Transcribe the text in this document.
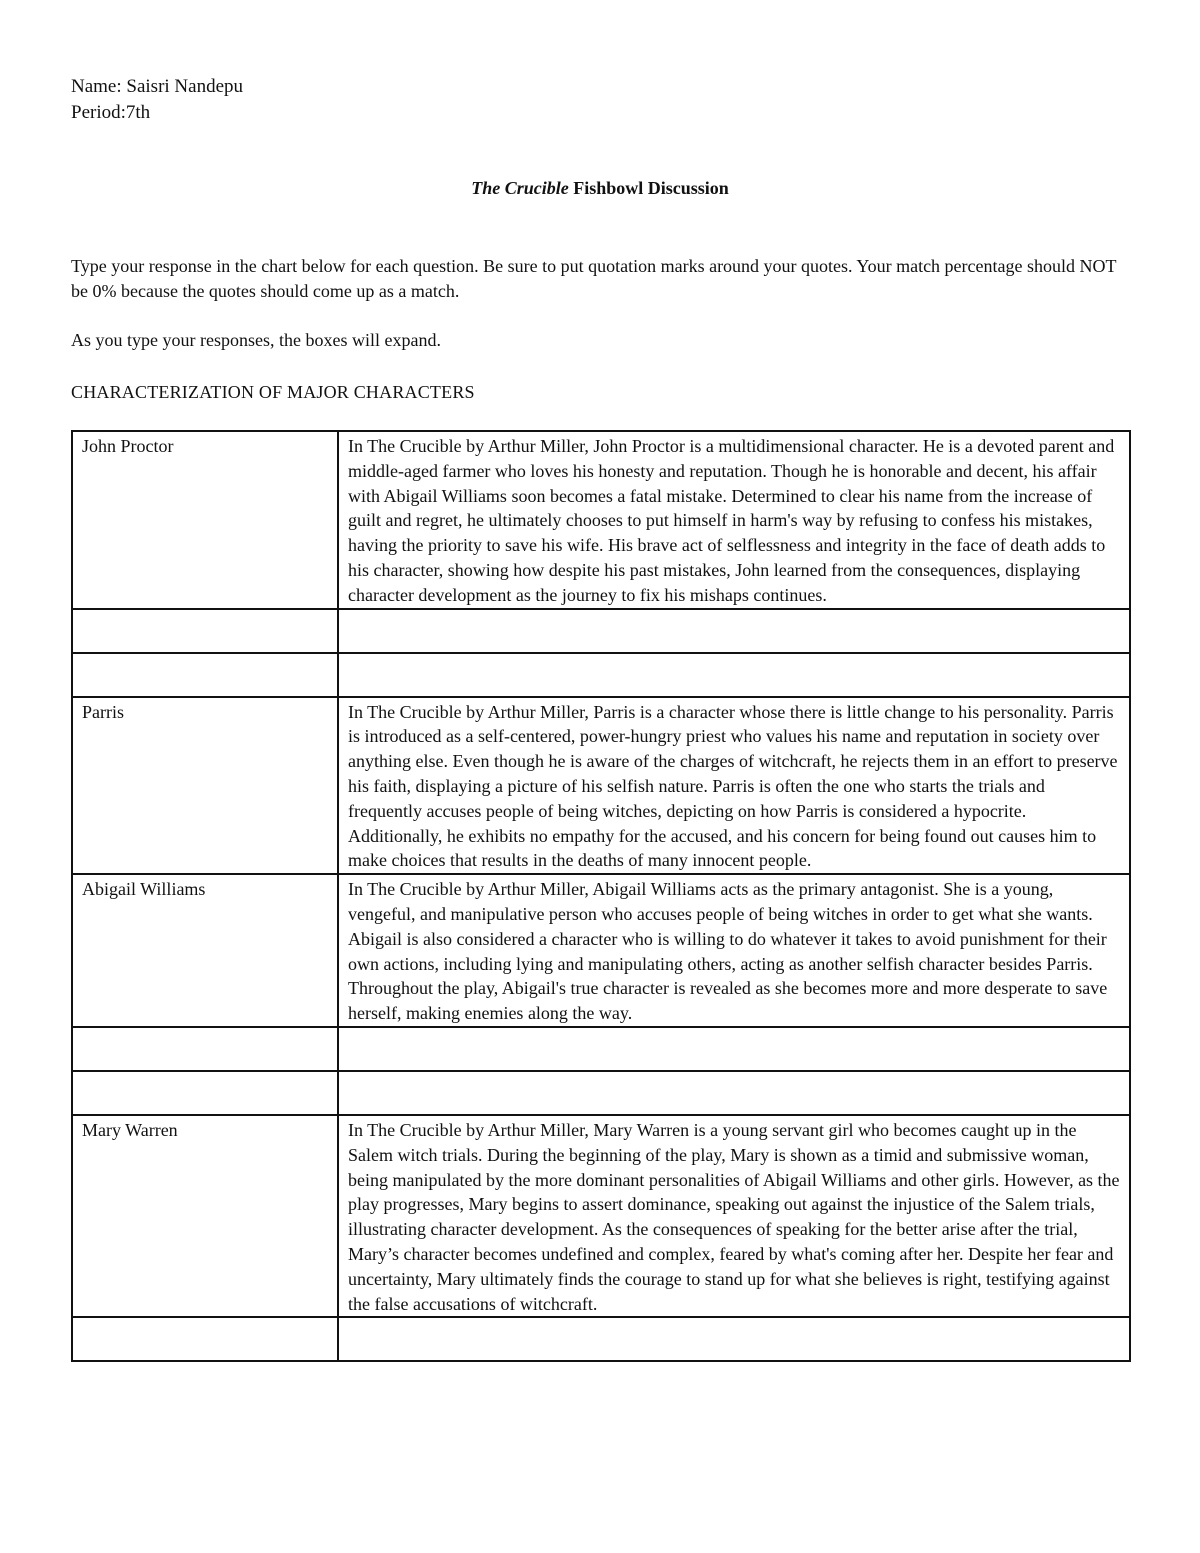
Name: Saisri Nandepu
Period:7th
The Crucible Fishbowl Discussion
Type your response in the chart below for each question. Be sure to put quotation marks around your quotes. Your match percentage should NOT be 0% because the quotes should come up as a match.
As you type your responses, the boxes will expand.
CHARACTERIZATION OF MAJOR CHARACTERS
John Proctor	In The Crucible by Arthur Miller, John Proctor is a multidimensional character. He is a devoted parent and middle-aged farmer who loves his honesty and reputation. Though he is honorable and decent, his affair with Abigail Williams soon becomes a fatal mistake. Determined to clear his name from the increase of guilt and regret, he ultimately chooses to put himself in harm's way by refusing to confess his mistakes, having the priority to save his wife. His brave act of selflessness and integrity in the face of death adds to his character, showing how despite his past mistakes, John learned from the consequences, displaying character development as the journey to fix his mishaps continues.

Parris	In The Crucible by Arthur Miller, Parris is a character whose there is little change to his personality. Parris is introduced as a self-centered, power-hungry priest who values his name and reputation in society over anything else. Even though he is aware of the charges of witchcraft, he rejects them in an effort to preserve his faith, displaying a picture of his selfish nature. Parris is often the one who starts the trials and frequently accuses people of being witches, depicting on how Parris is considered a hypocrite. Additionally, he exhibits no empathy for the accused, and his concern for being found out causes him to make choices that results in the deaths of many innocent people.
Abigail Williams	In The Crucible by Arthur Miller, Abigail Williams acts as the primary antagonist. She is a young, vengeful, and manipulative person who accuses people of being witches in order to get what she wants. Abigail is also considered a character who is willing to do whatever it takes to avoid punishment for their own actions, including lying and manipulating others, acting as another selfish character besides Parris. Throughout the play, Abigail's true character is revealed as she becomes more and more desperate to save herself, making enemies along the way.

Mary Warren	In The Crucible by Arthur Miller, Mary Warren is a young servant girl who becomes caught up in the Salem witch trials. During the beginning of the play, Mary is shown as a timid and submissive woman, being manipulated by the more dominant personalities of Abigail Williams and other girls. However, as the play progresses, Mary begins to assert dominance, speaking out against the injustice of the Salem trials, illustrating character development. As the consequences of speaking for the better arise after the trial, Mary’s character becomes undefined and complex, feared by what's coming after her. Despite her fear and uncertainty, Mary ultimately finds the courage to stand up for what she believes is right, testifying against the false accusations of witchcraft.
